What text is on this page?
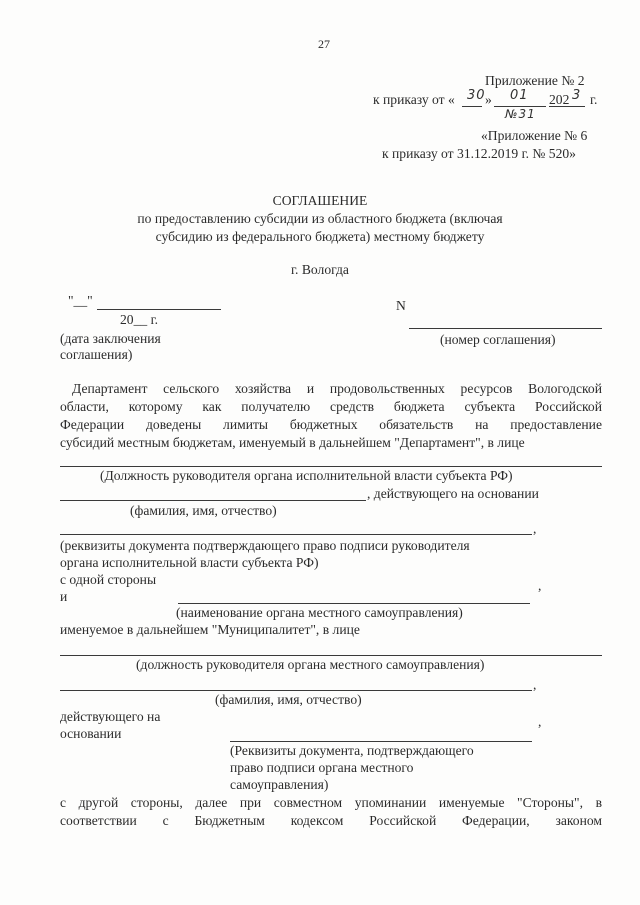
27
Приложение № 2
к приказу от « 30 » 01 202 3 г.
№31
«Приложение № 6
к приказу от 31.12.2019 г. № 520»
СОГЛАШЕНИЕ
по предоставлению субсидии из областного бюджета (включая
субсидию из федерального бюджета) местному бюджету
г. Вологда
"__"
20__ г.
(дата заключения
соглашения)
N
(номер соглашения)
Департамент сельского хозяйства и продовольственных ресурсов Вологодской
области, которому как получателю средств бюджета субъекта Российской
Федерации доведены лимиты бюджетных обязательств на предоставление
субсидий местным бюджетам, именуемый в дальнейшем "Департамент", в лице
(Должность руководителя органа исполнительной власти субъекта РФ)
, действующего на основании
(фамилия, имя, отчество)
,
(реквизиты документа подтверждающего право подписи руководителя
органа исполнительной власти субъекта РФ)
с одной стороны	,
и
(наименование органа местного самоуправления)
именуемое в дальнейшем "Муниципалитет", в лице
(должность руководителя органа местного самоуправления)
,
(фамилия, имя, отчество)
действующего на	,
основании
(Реквизиты документа, подтверждающего
право подписи органа местного
самоуправления)
с другой стороны, далее при совместном упоминании именуемые "Стороны", в
соответствии с Бюджетным кодексом Российской Федерации, законом
